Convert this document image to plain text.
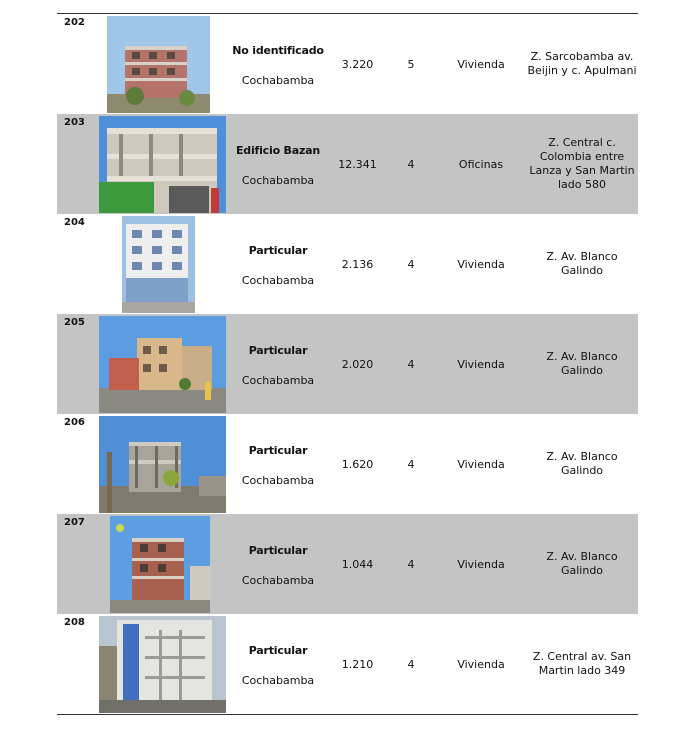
202
No identificado
Cochabamba
3.220	5	Vivienda
Z. Sarcobamba av. Beijin y c. Apulmani
203
Edificio Bazan
Cochabamba
12.341	4	Oficinas
Z. Central c. Colombia entre Lanza y San Martin lado 580
204
Particular
Cochabamba
2.136	4	Vivienda
Z. Av. Blanco Galindo
205
Particular
Cochabamba
2.020	4	Vivienda
Z. Av. Blanco Galindo
206
Particular
Cochabamba
1.620	4	Vivienda
Z. Av. Blanco Galindo
207
Particular
Cochabamba
1.044	4	Vivienda
Z. Av. Blanco Galindo
208
Particular
Cochabamba
1.210	4	Vivienda
Z. Central av. San Martin lado 349
